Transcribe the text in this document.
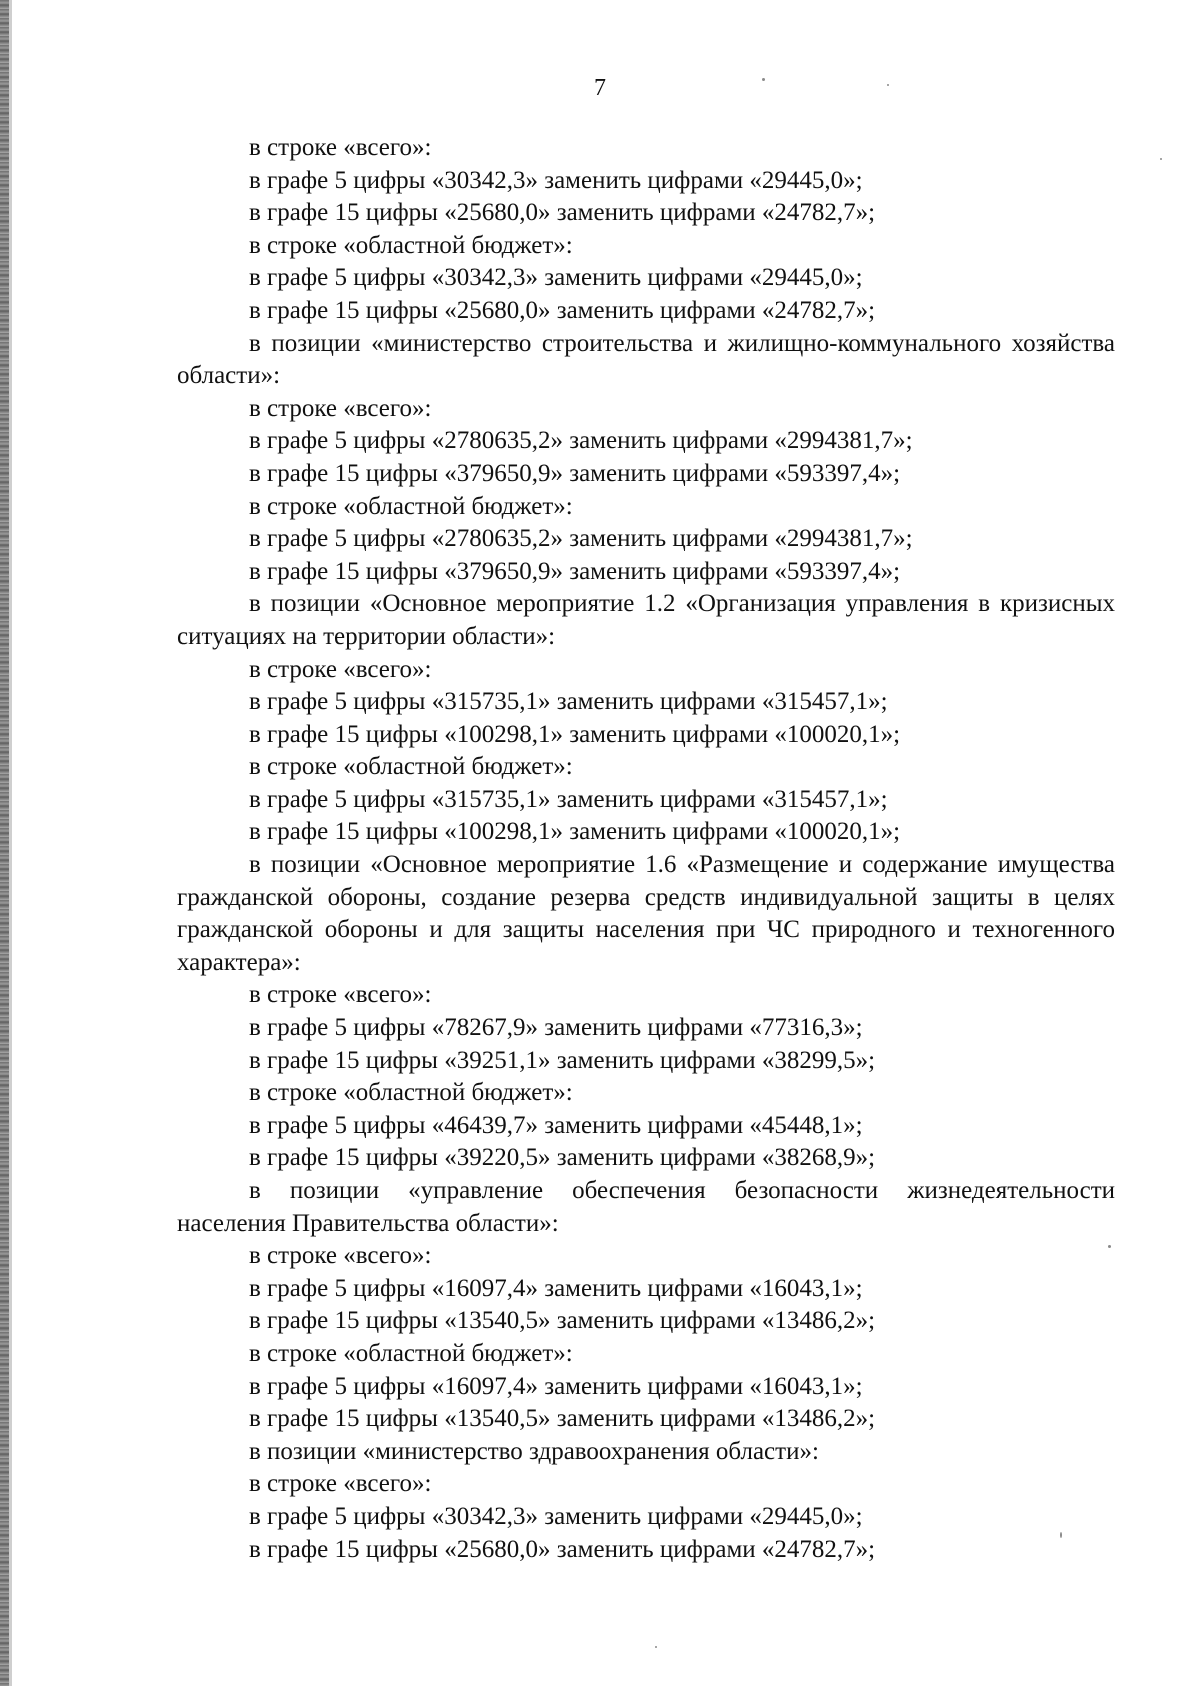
7

в строке «всего»:

в графе 5 цифры «30342,3» заменить цифрами «29445,0»;

в графе 15 цифры «25680,0» заменить цифрами «24782,7»;

в строке «областной бюджет»:

в графе 5 цифры «30342,3» заменить цифрами «29445,0»;

в графе 15 цифры «25680,0» заменить цифрами «24782,7»;

в позиции «министерство строительства и жилищно-коммунального хозяйства

области»:

в строке «всего»:

в графе 5 цифры «2780635,2» заменить цифрами «2994381,7»;

в графе 15 цифры «379650,9» заменить цифрами «593397,4»;

в строке «областной бюджет»:

в графе 5 цифры «2780635,2» заменить цифрами «2994381,7»;

в графе 15 цифры «379650,9» заменить цифрами «593397,4»;

в позиции «Основное мероприятие 1.2 «Организация управления в кризисных

ситуациях на территории области»:

в строке «всего»:

в графе 5 цифры «315735,1» заменить цифрами «315457,1»;

в графе 15 цифры «100298,1» заменить цифрами «100020,1»;

в строке «областной бюджет»:

в графе 5 цифры «315735,1» заменить цифрами «315457,1»;

в графе 15 цифры «100298,1» заменить цифрами «100020,1»;

в позиции «Основное мероприятие 1.6 «Размещение и содержание имущества

гражданской обороны, создание резерва средств индивидуальной защиты в целях

гражданской обороны и для защиты населения при ЧС природного и техногенного

характера»:

в строке «всего»:

в графе 5 цифры «78267,9» заменить цифрами «77316,3»;

в графе 15 цифры «39251,1» заменить цифрами «38299,5»;

в строке «областной бюджет»:

в графе 5 цифры «46439,7» заменить цифрами «45448,1»;

в графе 15 цифры «39220,5» заменить цифрами «38268,9»;

в позиции «управление обеспечения безопасности жизнедеятельности

населения Правительства области»:

в строке «всего»:

в графе 5 цифры «16097,4» заменить цифрами «16043,1»;

в графе 15 цифры «13540,5» заменить цифрами «13486,2»;

в строке «областной бюджет»:

в графе 5 цифры «16097,4» заменить цифрами «16043,1»;

в графе 15 цифры «13540,5» заменить цифрами «13486,2»;

в позиции «министерство здравоохранения области»:

в строке «всего»:

в графе 5 цифры «30342,3» заменить цифрами «29445,0»;

в графе 15 цифры «25680,0» заменить цифрами «24782,7»;
